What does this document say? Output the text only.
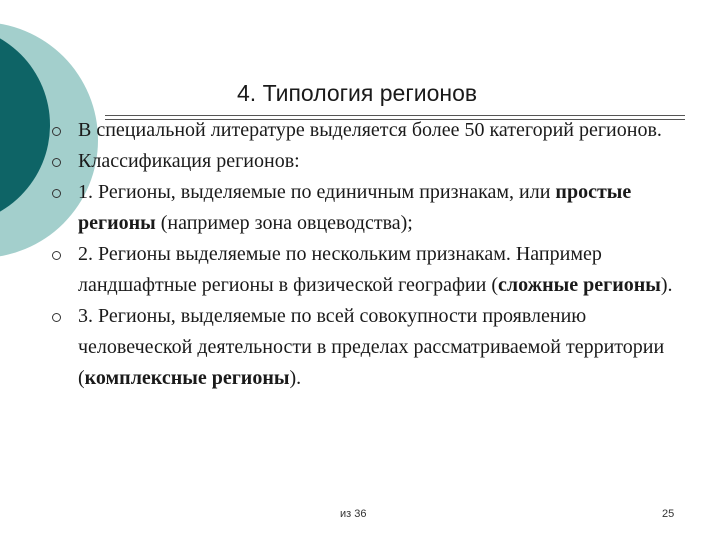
4. Типология регионов
В специальной литературе выделяется более 50 категорий регионов.
Классификация регионов:
1. Регионы, выделяемые по единичным признакам, или простые регионы (например зона овцеводства);
2. Регионы выделяемые по нескольким признакам. Например ландшафтные регионы в физической географии (сложные регионы).
3. Регионы, выделяемые по всей совокупности проявлению человеческой деятельности в пределах рассматриваемой территории (комплексные регионы).
из 36	25
